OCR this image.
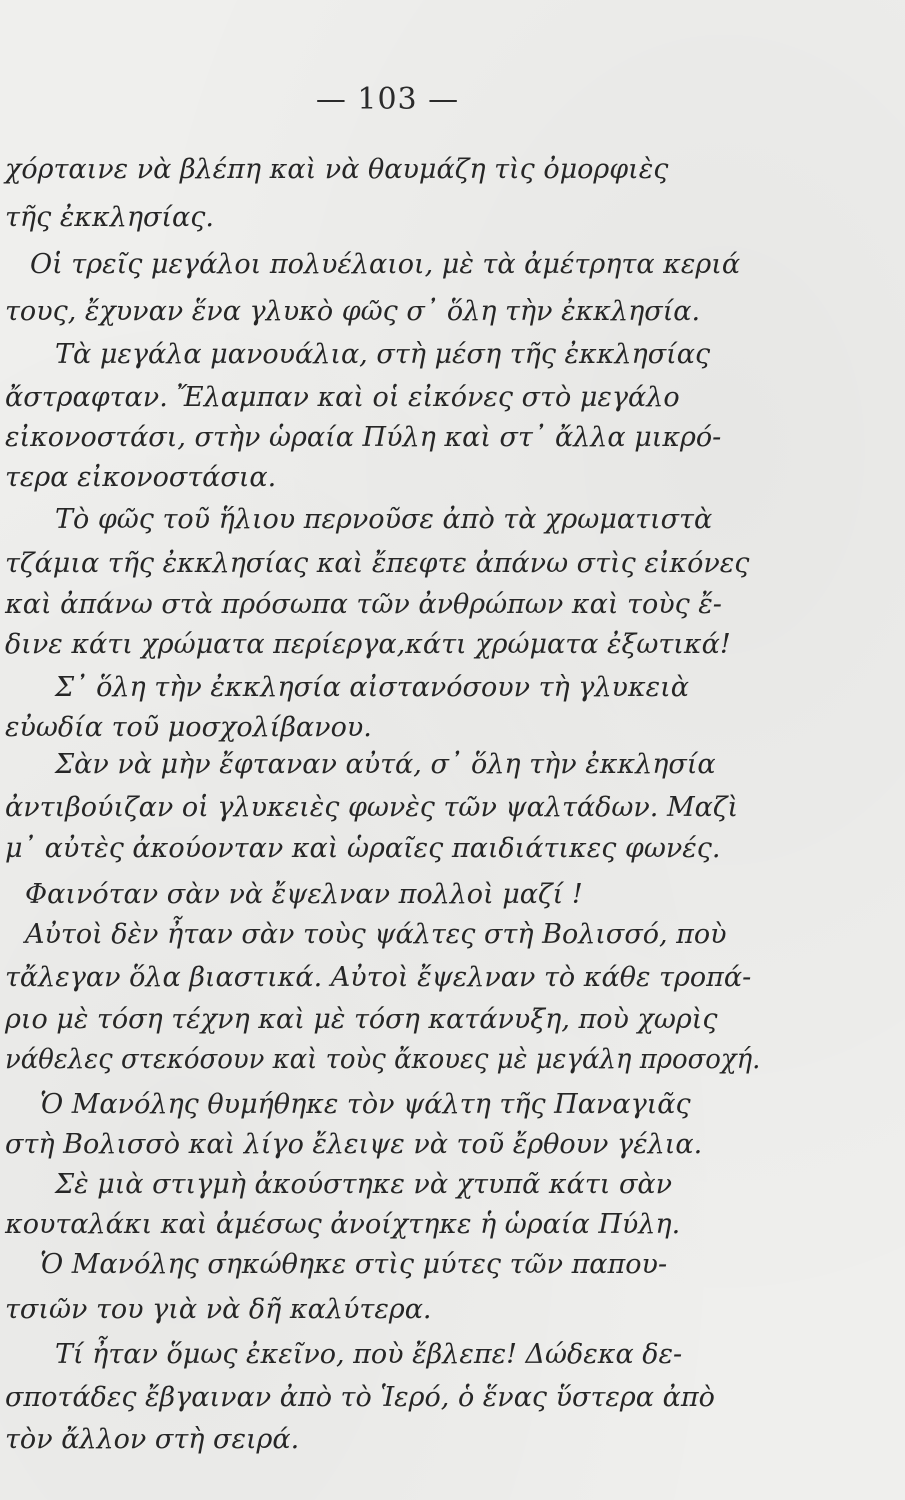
— 103 —
χόρταινε νὰ βλέπη καὶ νὰ θαυμάζη τὶς ὀμορφιὲς
τῆς ἐκκλησίας.
Οἱ τρεῖς μεγάλοι πολυέλαιοι, μὲ τὰ ἀμέτρητα κεριά
τους, ἔχυναν ἕνα γλυκὸ φῶς σ᾽ ὅλη τὴν ἐκκλησία.
Τὰ μεγάλα μανουάλια, στὴ μέση τῆς ἐκκλησίας
ἄστραφταν. Ἔλαμπαν καὶ οἱ εἰκόνες στὸ μεγάλο
εἰκονοστάσι, στὴν ὡραία Πύλη καὶ στ᾽ ἄλλα μικρό-
τερα εἰκονοστάσια.
Τὸ φῶς τοῦ ἥλιου περνοῦσε ἀπὸ τὰ χρωματιστὰ
τζάμια τῆς ἐκκλησίας καὶ ἔπεφτε ἀπάνω στὶς εἰκόνες
καὶ ἀπάνω στὰ πρόσωπα τῶν ἀνθρώπων καὶ τοὺς ἔ-
δινε κάτι χρώματα περίεργα,κάτι χρώματα ἐξωτικά!
Σ᾽ ὅλη τὴν ἐκκλησία αἰστανόσουν τὴ γλυκειὰ
εὐωδία τοῦ μοσχολίβανου.
Σὰν νὰ μὴν ἔφταναν αὐτά, σ᾽ ὅλη τὴν ἐκκλησία
ἀντιβούιζαν οἱ γλυκειὲς φωνὲς τῶν ψαλτάδων. Μαζὶ
μ᾽ αὐτὲς ἀκούονταν καὶ ὡραῖες παιδιάτικες φωνές.
Φαινόταν σὰν νὰ ἔψελναν πολλοὶ μαζί !
Αὐτοὶ δὲν ἦταν σὰν τοὺς ψάλτες στὴ Βολισσό, ποὺ
τἄλεγαν ὅλα βιαστικά. Αὐτοὶ ἔψελναν τὸ κάθε τροπά-
ριο μὲ τόση τέχνη καὶ μὲ τόση κατάνυξη, ποὺ χωρὶς
νάθελες στεκόσουν καὶ τοὺς ἄκουες μὲ μεγάλη προσοχή.
Ὁ Μανόλης θυμήθηκε τὸν ψάλτη τῆς Παναγιᾶς
στὴ Βολισσὸ καὶ λίγο ἔλειψε νὰ τοῦ ἔρθουν γέλια.
Σὲ μιὰ στιγμὴ ἀκούστηκε νὰ χτυπᾶ κάτι σὰν
κουταλάκι καὶ ἀμέσως ἀνοίχτηκε ἡ ὡραία Πύλη.
Ὁ Μανόλης σηκώθηκε στὶς μύτες τῶν παπου-
τσιῶν του γιὰ νὰ δῆ καλύτερα.
Τί ἦταν ὅμως ἐκεῖνο, ποὺ ἔβλεπε! Δώδεκα δε-
σποτάδες ἔβγαιναν ἀπὸ τὸ Ἱερό, ὁ ἕνας ὕστερα ἀπὸ
τὸν ἄλλον στὴ σειρά.
